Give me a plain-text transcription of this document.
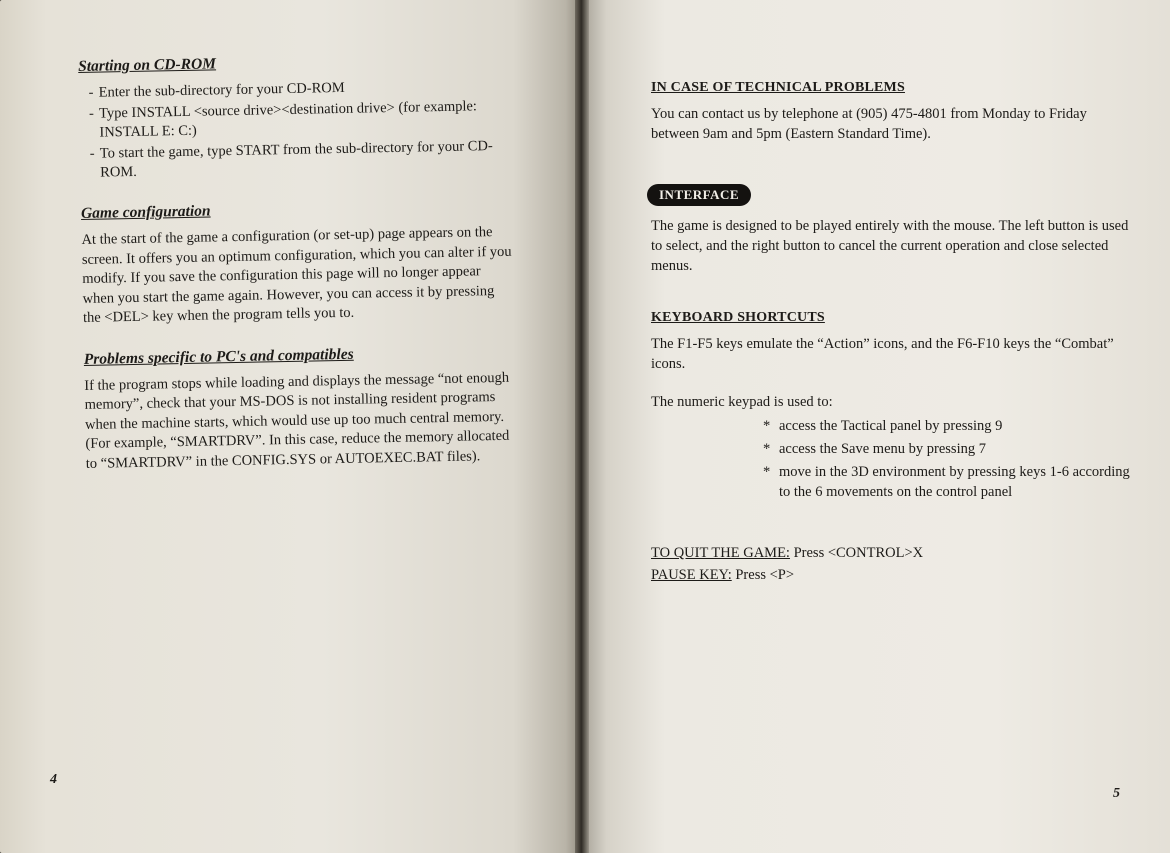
Starting on CD-ROM
- Enter the sub-directory for your CD-ROM
- Type INSTALL <source drive><destination drive> (for example: INSTALL E: C:)
- To start the game, type START from the sub-directory for your CD-ROM.
Game configuration

At the start of the game a configuration (or set-up) page appears on the screen. It offers you an optimum configuration, which you can alter if you modify. If you save the configuration this page will no longer appear when you start the game again. However, you can access it by pressing the <DEL> key when the program tells you to.

Problems specific to PC's and compatibles

If the program stops while loading and displays the message “not enough memory”, check that your MS-DOS is not installing resident programs when the machine starts, which would use up too much central memory. (For example, “SMARTDRV”. In this case, reduce the memory allocated to “SMARTDRV” in the CONFIG.SYS or AUTOEXEC.BAT files).

4
IN CASE OF TECHNICAL PROBLEMS

You can contact us by telephone at (905) 475-4801 from Monday to Friday between 9am and 5pm (Eastern Standard Time).

INTERFACE

The game is designed to be played entirely with the mouse. The left button is used to select, and the right button to cancel the current operation and close selected menus.

KEYBOARD SHORTCUTS

The F1-F5 keys emulate the “Action” icons, and the F6-F10 keys the “Combat” icons.

The numeric keypad is used to:

* access the Tactical panel by pressing 9
* access the Save menu by pressing 7
* move in the 3D environment by pressing keys 1-6 according to the 6 movements on the control panel
TO QUIT THE GAME: Press <CONTROL>X
PAUSE KEY: Press <P>
5
